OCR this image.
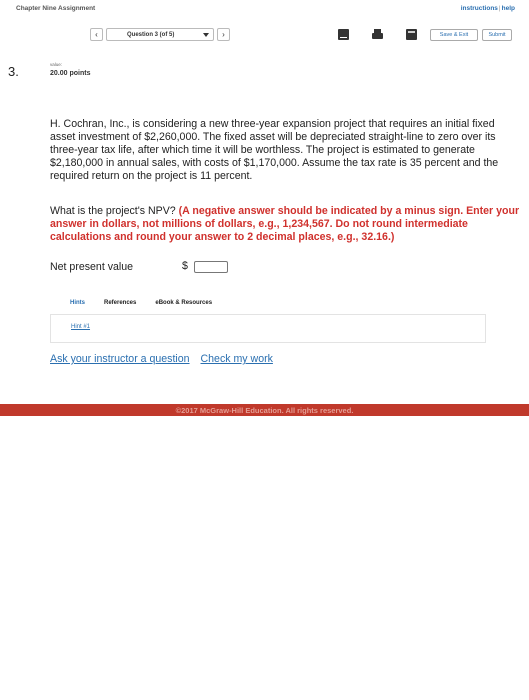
Chapter Nine Assignment	instructions|help
‹	Question 3 (of 5)	›	Save & Exit	Submit
3.	value:
20.00 points

H. Cochran, Inc., is considering a new three-year expansion project that requires an initial fixed asset investment of $2,260,000. The fixed asset will be depreciated straight-line to zero over its three-year tax life, after which time it will be worthless. The project is estimated to generate $2,180,000 in annual sales, with costs of $1,170,000. Assume the tax rate is 35 percent and the required return on the project is 11 percent.

What is the project's NPV? (A negative answer should be indicated by a minus sign. Enter your answer in dollars, not millions of dollars, e.g., 1,234,567. Do not round intermediate calculations and round your answer to 2 decimal places, e.g., 32.16.)

Net present value	$
Hints	References	eBook & Resources
Hint #1
Ask your instructor a question Check my work
©2017 McGraw-Hill Education. All rights reserved.
